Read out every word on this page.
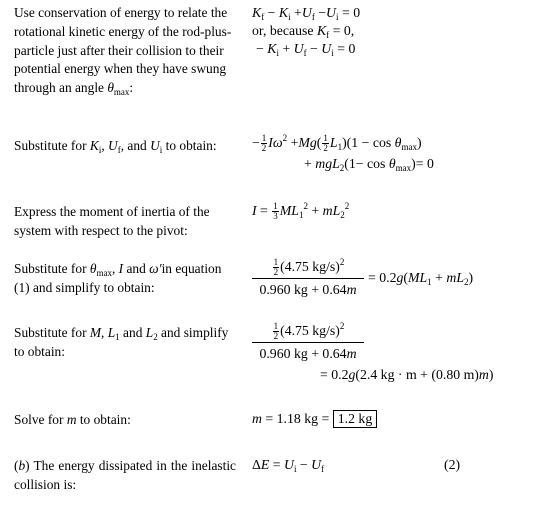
Use conservation of energy to relate the rotational kinetic energy of the rod-plus-particle just after their collision to their potential energy when they have swung through an angle $\theta_{max}$:
$K_f - K_i +U_f -U_i = 0$
or, because $K_f = 0$,
− $K_i + U_f - U_i = 0$
Substitute for $K_i$, $U_f$, and $U_i$ to obtain:	− $\frac{1}{2} I\omega^2 +Mg( \frac{1}{2} L_1)(1 - \cos \theta_{max})$
+ $mgL_2(1- \cos \theta_{max})= 0$
Express the moment of inertia of the system with respect to the pivot:
$I = \frac{1}{3} ML_1^2 + mL_2^2$
Substitute for $\theta_{max}$, I and ω′in equation (1) and simplify to obtain:	$\frac{\frac{1}{2} (4.75 kg/s)^2}{0.960 kg + 0.64m} = 0.2g(ML_1 + mL_2)$
Substitute for M, $L_1$ and $L_2$ and simplify to obtain:	$\frac{\frac{1}{2} (4.75 kg/s)^2}{0.960 kg + 0.64m}$
= 0.2g(2.4 kg · m + (0.80 m)m)
Solve for m to obtain:	m = 1.18 kg = 1.2 kg
(b) The energy dissipated in the inelastic collision is:
$\Delta E = U_i - U_f$	(2)
